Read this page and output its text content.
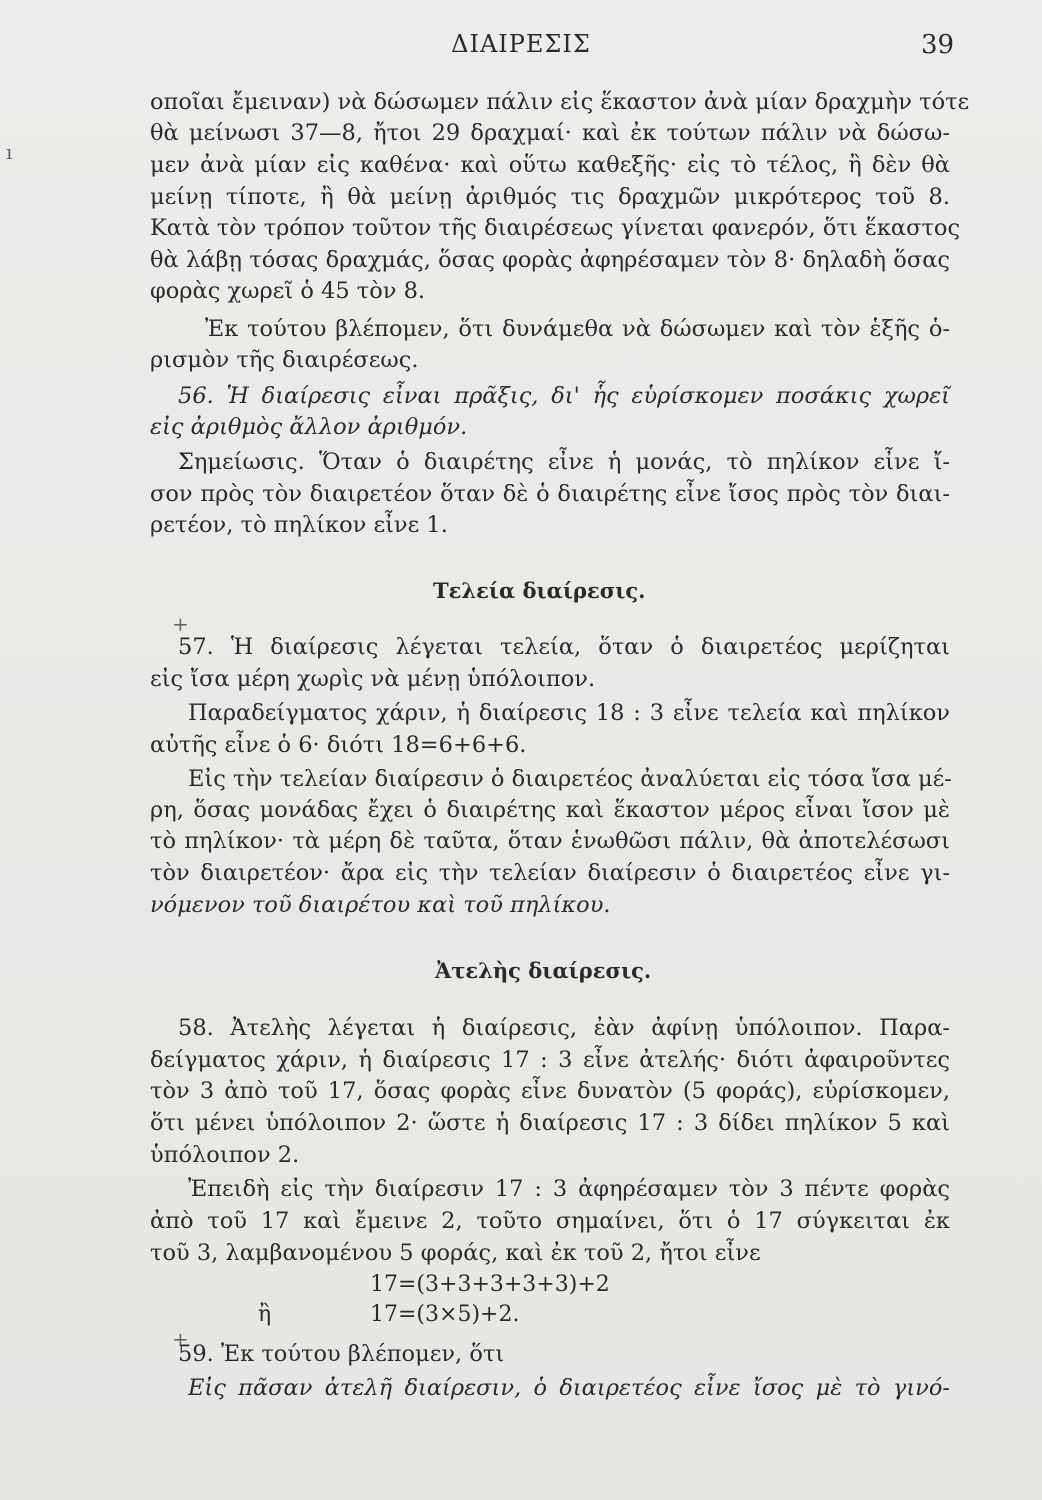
ΔΙΑΙΡΕΣΙΣ	39
ı
+
+
οποῖαι ἔμειναν) νὰ δώσωμεν πάλιν εἰς ἕκαστον ἀνὰ μίαν δραχμὴν τότε
θὰ μείνωσι 37—8, ἤτοι 29 δραχμαί· καὶ ἐκ τούτων πάλιν νὰ δώσω-
μεν ἀνὰ μίαν εἰς καθένα· καὶ οὕτω καθεξῆς· εἰς τὸ τέλος, ἢ δὲν θὰ
μείνῃ τίποτε, ἢ θὰ μείνῃ ἀριθμός τις δραχμῶν μικρότερος τοῦ 8.
Κατὰ τὸν τρόπον τοῦτον τῆς διαιρέσεως γίνεται φανερόν, ὅτι ἕκαστος
θὰ λάβῃ τόσας δραχμάς, ὅσας φορὰς ἀφηρέσαμεν τὸν 8· δηλαδὴ ὅσας
φορὰς χωρεῖ ὁ 45 τὸν 8.
Ἐκ τούτου βλέπομεν, ὅτι δυνάμεθα νὰ δώσωμεν καὶ τὸν ἑξῆς ὁ-
ρισμὸν τῆς διαιρέσεως.
56. Ἡ διαίρεσις εἶναι πρᾶξις, δι' ἧς εὑρίσκομεν ποσάκις χωρεῖ
εἰς ἀριθμὸς ἄλλον ἀριθμόν.
Σημείωσις. Ὅταν ὁ διαιρέτης εἶνε ἡ μονάς, τὸ πηλίκον εἶνε ἴ-
σον πρὸς τὸν διαιρετέον ὅταν δὲ ὁ διαιρέτης εἶνε ἴσος πρὸς τὸν διαι-
ρετέον, τὸ πηλίκον εἶνε 1.
Τελεία διαίρεσις.
57. Ἡ διαίρεσις λέγεται τελεία, ὅταν ὁ διαιρετέος μερίζηται
εἰς ἴσα μέρη χωρὶς νὰ μένῃ ὑπόλοιπον.
Παραδείγματος χάριν, ἡ διαίρεσις 18 : 3 εἶνε τελεία καὶ πηλίκον
αὐτῆς εἶνε ὁ 6· διότι 18=6+6+6.
Εἰς τὴν τελείαν διαίρεσιν ὁ διαιρετέος ἀναλύεται εἰς τόσα ἴσα μέ-
ρη, ὅσας μονάδας ἔχει ὁ διαιρέτης καὶ ἕκαστον μέρος εἶναι ἴσον μὲ
τὸ πηλίκον· τὰ μέρη δὲ ταῦτα, ὅταν ἑνωθῶσι πάλιν, θὰ ἀποτελέσωσι
τὸν διαιρετέον· ἄρα εἰς τὴν τελείαν διαίρεσιν ὁ διαιρετέος εἶνε γι-
νόμενον τοῦ διαιρέτου καὶ τοῦ πηλίκου.
Ἀτελὴς διαίρεσις.
58. Ἀτελὴς λέγεται ἡ διαίρεσις, ἐὰν ἀφίνῃ ὑπόλοιπον. Παρα-
δείγματος χάριν, ἡ διαίρεσις 17 : 3 εἶνε ἀτελής· διότι ἀφαιροῦντες
τὸν 3 ἀπὸ τοῦ 17, ὅσας φορὰς εἶνε δυνατὸν (5 φοράς), εὑρίσκομεν,
ὅτι μένει ὑπόλοιπον 2· ὥστε ἡ διαίρεσις 17 : 3 δίδει πηλίκον 5 καὶ
ὑπόλοιπον 2.
Ἐπειδὴ εἰς τὴν διαίρεσιν 17 : 3 ἀφηρέσαμεν τὸν 3 πέντε φορὰς
ἀπὸ τοῦ 17 καὶ ἔμεινε 2, τοῦτο σημαίνει, ὅτι ὁ 17 σύγκειται ἐκ
τοῦ 3, λαμβανομένου 5 φοράς, καὶ ἐκ τοῦ 2, ἤτοι εἶνε
17=(3+3+3+3+3)+2
ἢ	17=(3×5)+2.
59. Ἐκ τούτου βλέπομεν, ὅτι
Εἰς πᾶσαν ἀτελῆ διαίρεσιν, ὁ διαιρετέος εἶνε ἴσος μὲ τὸ γινό-
